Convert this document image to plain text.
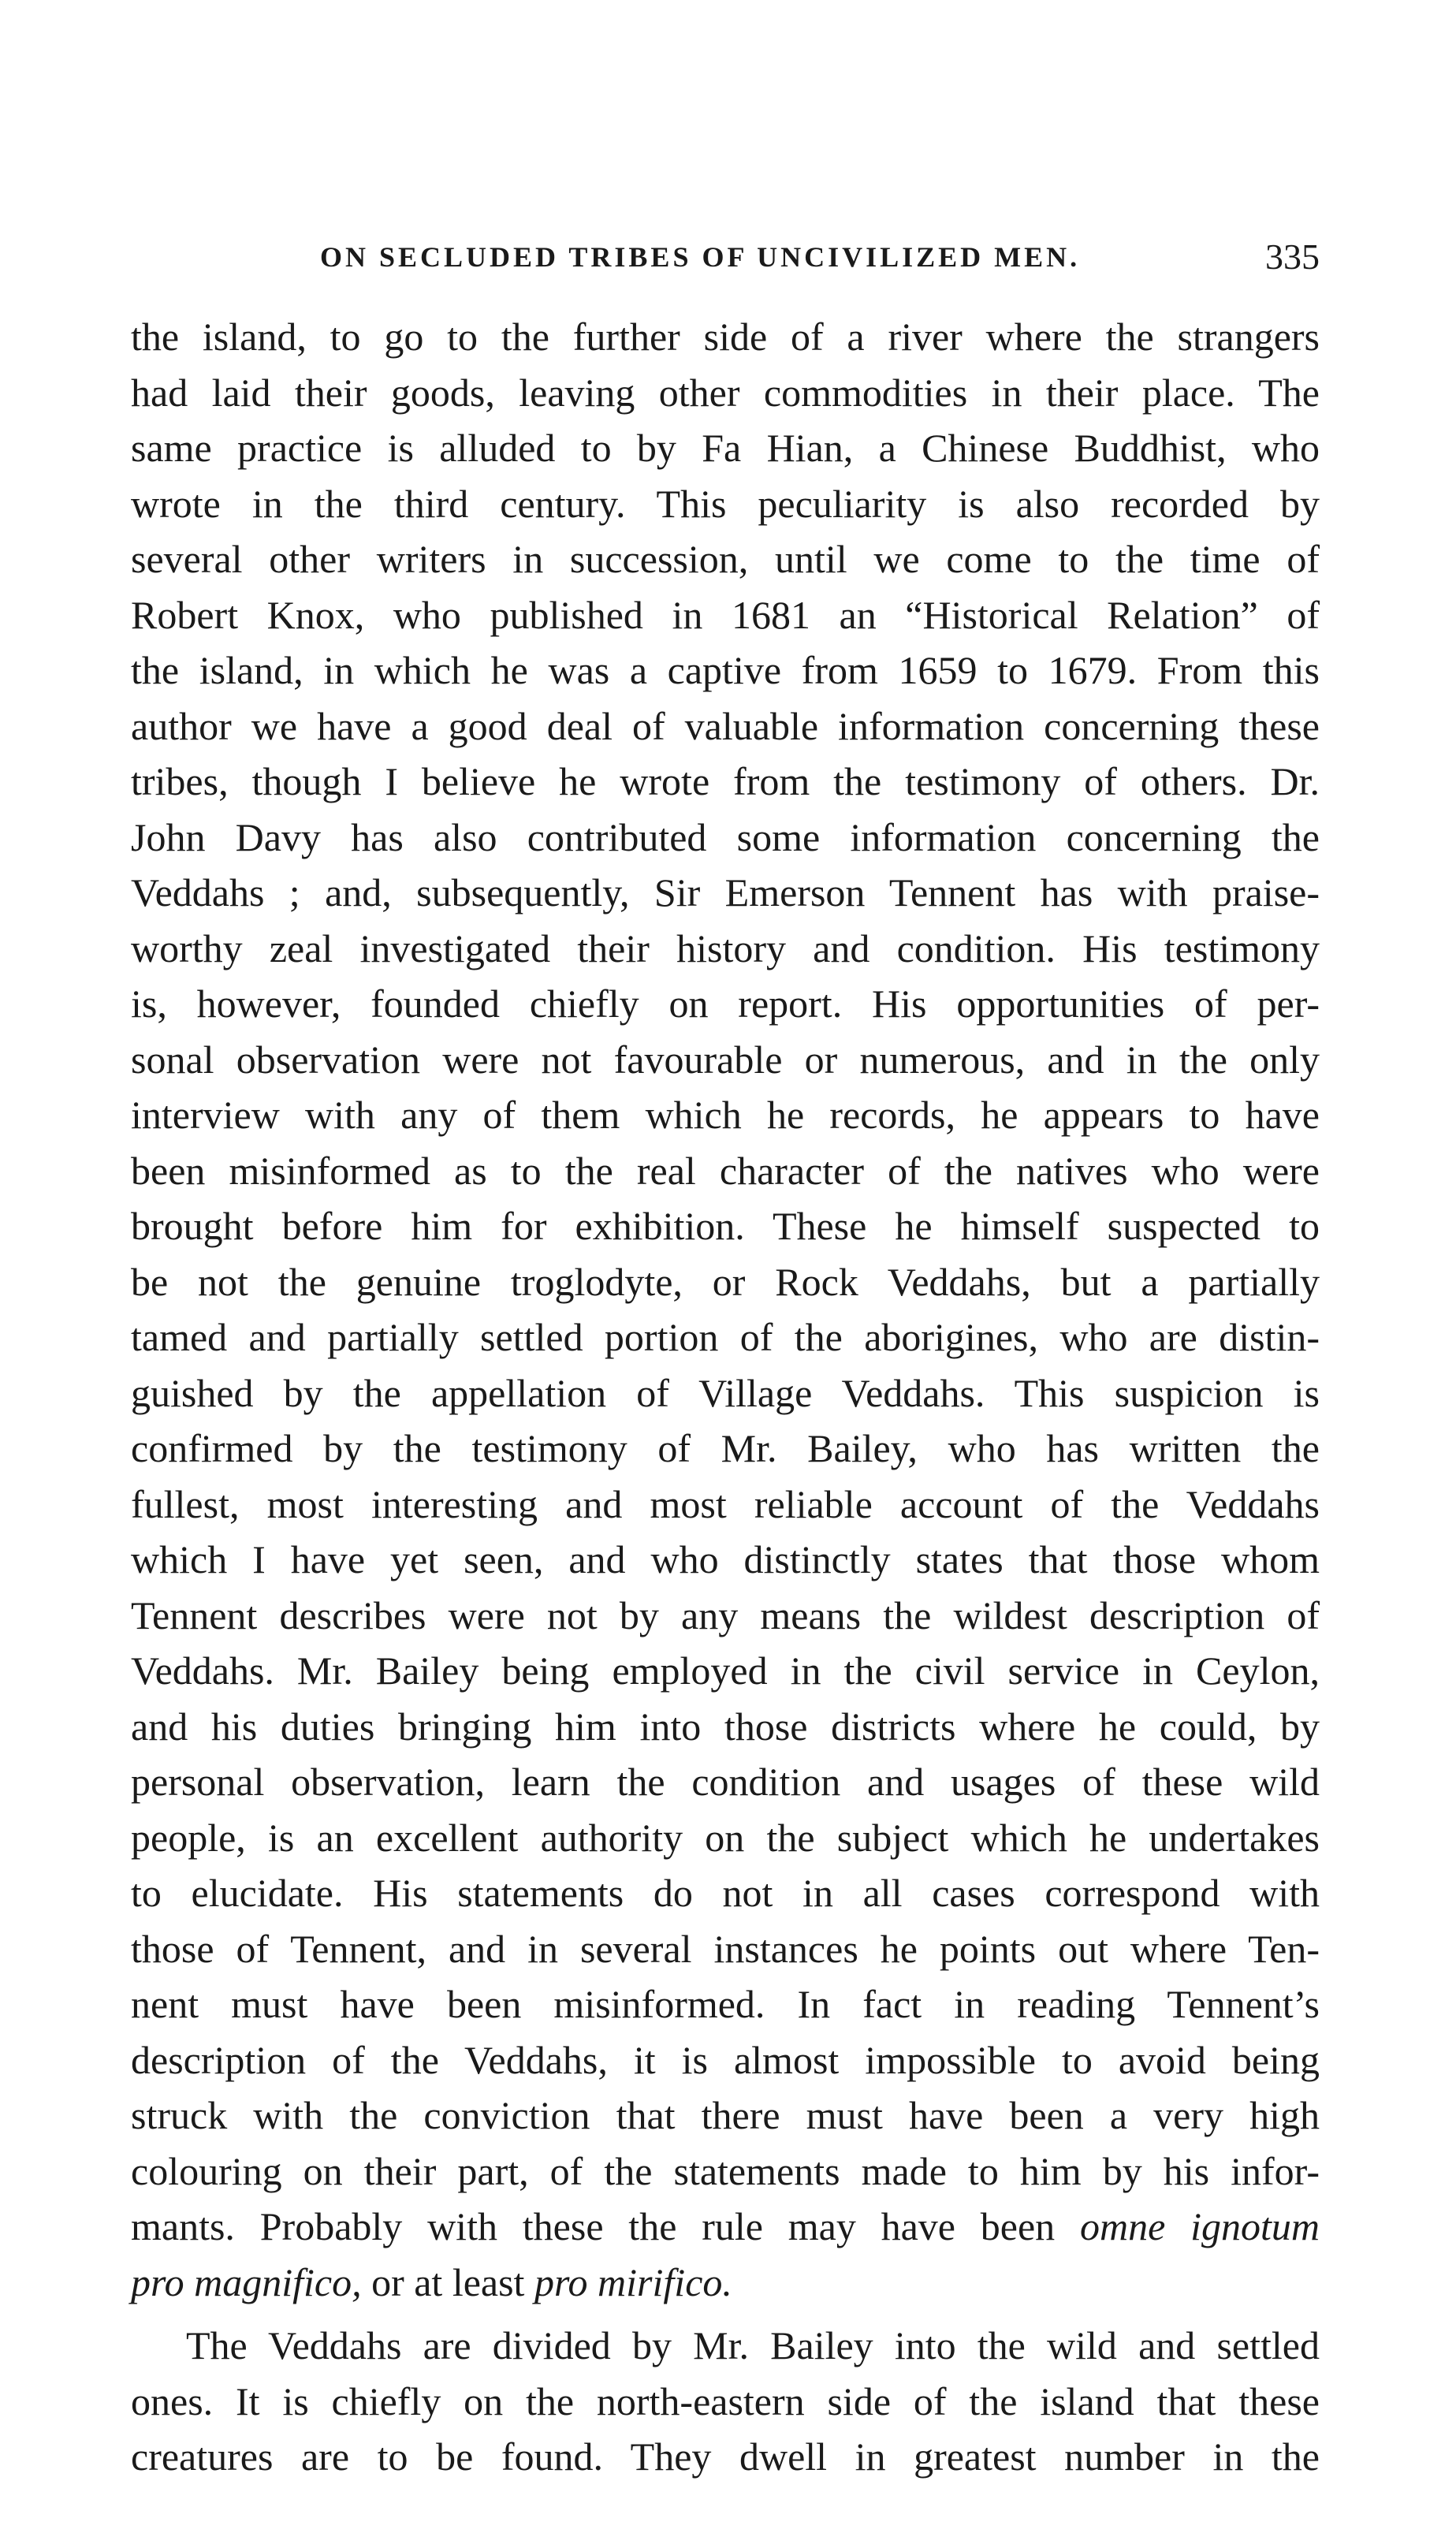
ON SECLUDED TRIBES OF UNCIVILIZED MEN.	335
the island, to go to the further side of a river where the strangers
had laid their goods, leaving other commodities in their place. The
same practice is alluded to by Fa Hian, a Chinese Buddhist, who
wrote in the third century. This peculiarity is also recorded by
several other writers in succession, until we come to the time of
Robert Knox, who published in 1681 an “Historical Relation” of
the island, in which he was a captive from 1659 to 1679. From this
author we have a good deal of valuable information concerning these
tribes, though I believe he wrote from the testimony of others. Dr.
John Davy has also contributed some information concerning the
Veddahs ; and, subsequently, Sir Emerson Tennent has with praise-
worthy zeal investigated their history and condition. His testimony
is, however, founded chiefly on report. His opportunities of per-
sonal observation were not favourable or numerous, and in the only
interview with any of them which he records, he appears to have
been misinformed as to the real character of the natives who were
brought before him for exhibition. These he himself suspected to
be not the genuine troglodyte, or Rock Veddahs, but a partially
tamed and partially settled portion of the aborigines, who are distin-
guished by the appellation of Village Veddahs. This suspicion is
confirmed by the testimony of Mr. Bailey, who has written the
fullest, most interesting and most reliable account of the Veddahs
which I have yet seen, and who distinctly states that those whom
Tennent describes were not by any means the wildest description of
Veddahs. Mr. Bailey being employed in the civil service in Ceylon,
and his duties bringing him into those districts where he could, by
personal observation, learn the condition and usages of these wild
people, is an excellent authority on the subject which he undertakes
to elucidate. His statements do not in all cases correspond with
those of Tennent, and in several instances he points out where Ten-
nent must have been misinformed. In fact in reading Tennent’s
description of the Veddahs, it is almost impossible to avoid being
struck with the conviction that there must have been a very high
colouring on their part, of the statements made to him by his infor-
mants. Probably with these the rule may have been omne ignotum
pro magnifico, or at least pro mirifico.
The Veddahs are divided by Mr. Bailey into the wild and settled
ones. It is chiefly on the north-eastern side of the island that these
creatures are to be found. They dwell in greatest number in the
